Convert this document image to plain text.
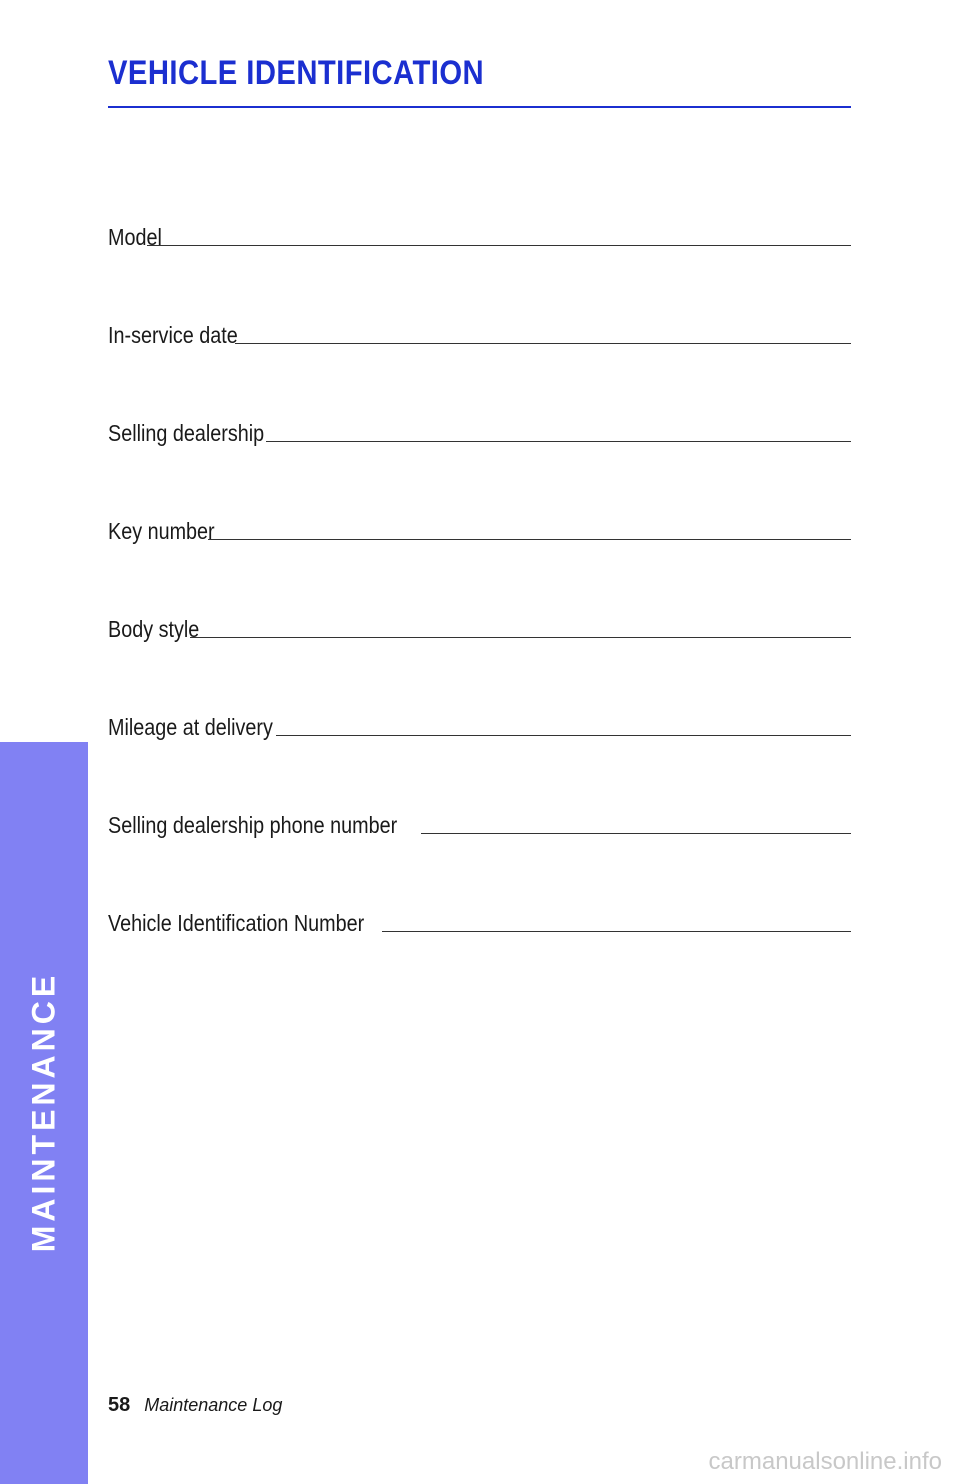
VEHICLE IDENTIFICATION
Model
In-service date
Selling dealership
Key number
Body style
Mileage at delivery
Selling dealership phone number
Vehicle Identification Number
MAINTENANCE
58 Maintenance Log
carmanualsonline.info
